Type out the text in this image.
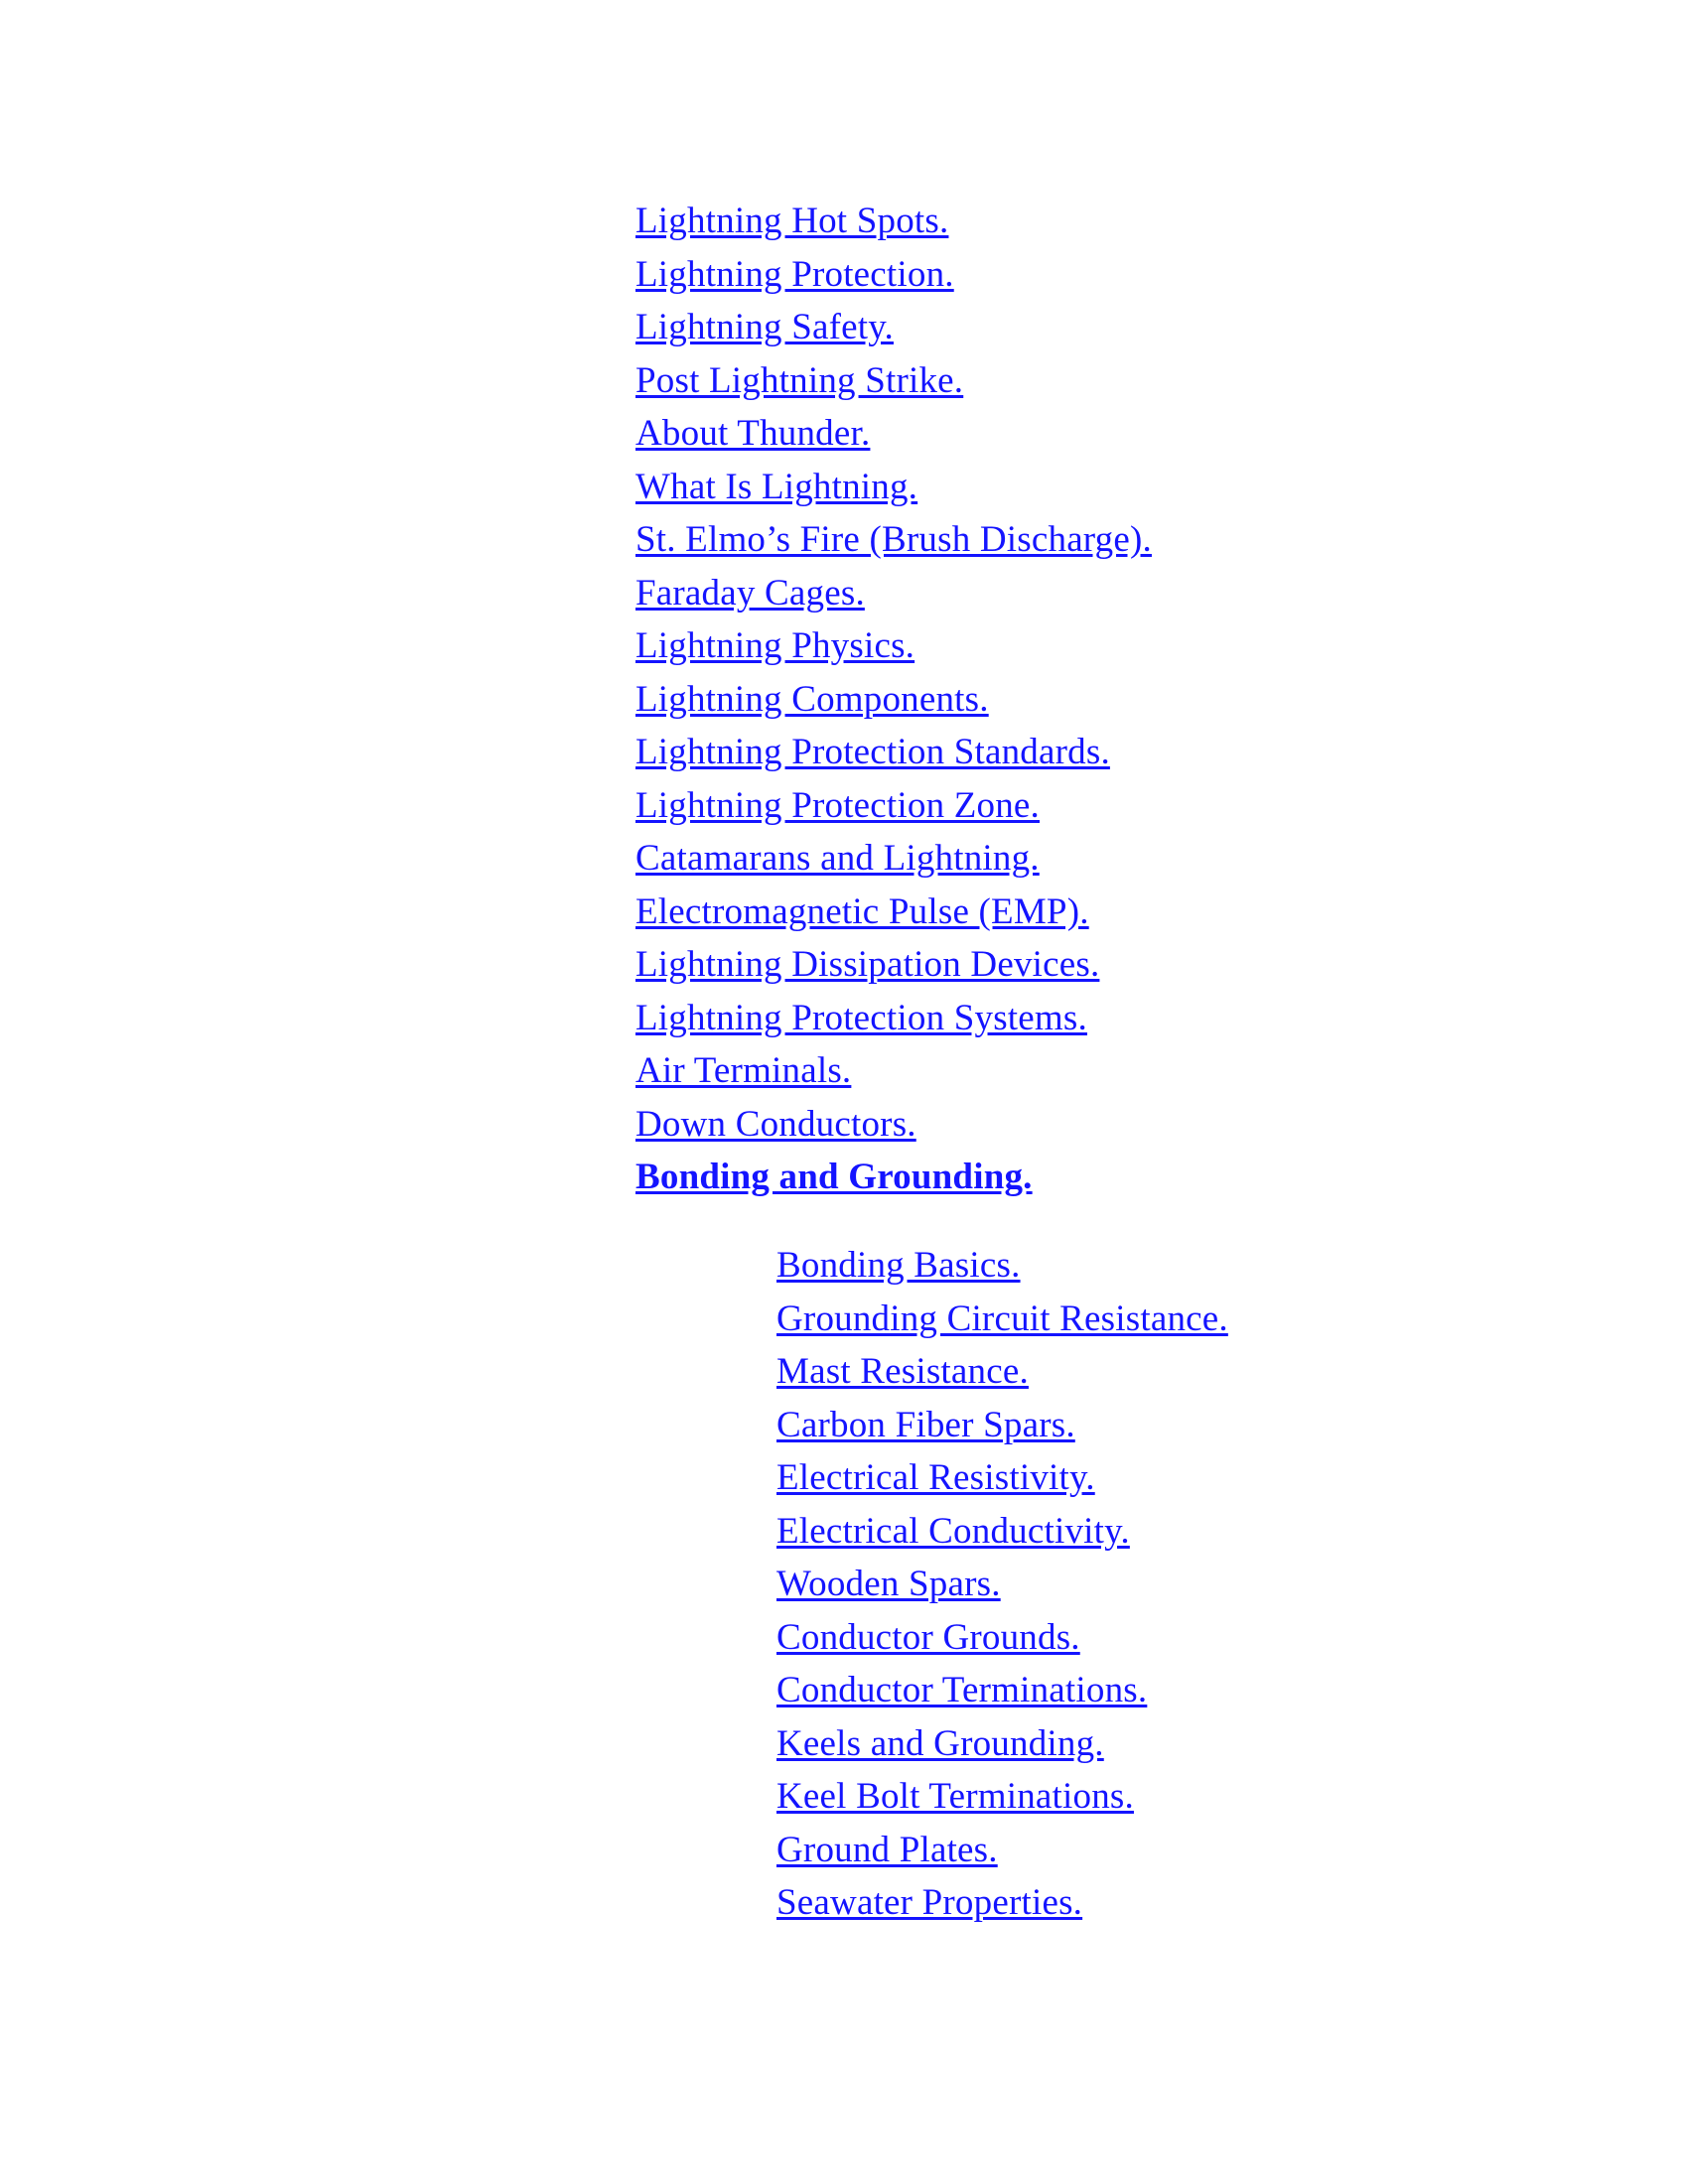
Lightning Hot Spots.
Lightning Protection.
Lightning Safety.
Post Lightning Strike.
About Thunder.
What Is Lightning.
St. Elmo’s Fire (Brush Discharge).
Faraday Cages.
Lightning Physics.
Lightning Components.
Lightning Protection Standards.
Lightning Protection Zone.
Catamarans and Lightning.
Electromagnetic Pulse (EMP).
Lightning Dissipation Devices.
Lightning Protection Systems.
Air Terminals.
Down Conductors.
Bonding and Grounding.
Bonding Basics.
Grounding Circuit Resistance.
Mast Resistance.
Carbon Fiber Spars.
Electrical Resistivity.
Electrical Conductivity.
Wooden Spars.
Conductor Grounds.
Conductor Terminations.
Keels and Grounding.
Keel Bolt Terminations.
Ground Plates.
Seawater Properties.
